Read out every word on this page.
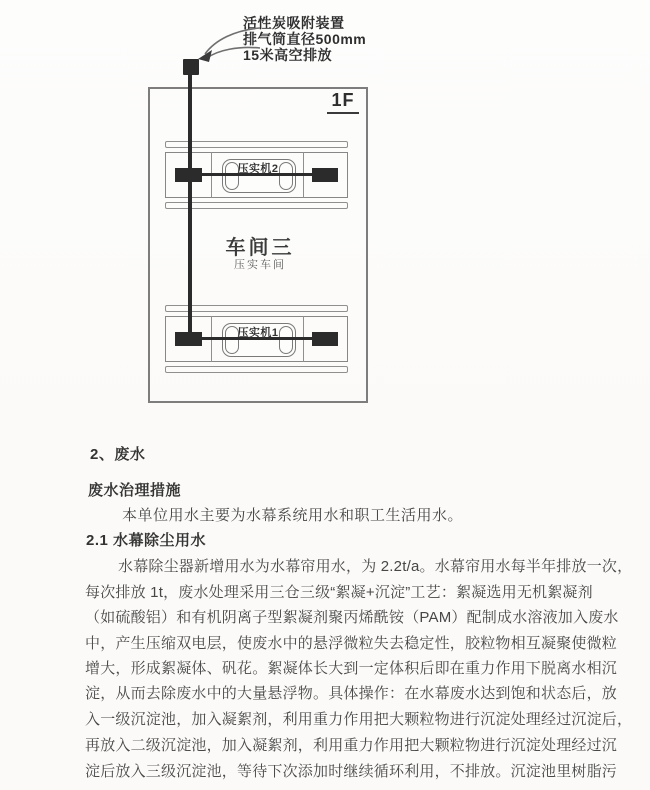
活性炭吸附装置
排气筒直径500mm
15米高空排放
1F
压实机2
车间三
压实车间
压实机1
2、废水
废水治理措施
本单位用水主要为水幕系统用水和职工生活用水。
2.1 水幕除尘用水
水幕除尘器新增用水为水幕帘用水，为 2.2t/a。水幕帘用水每半年排放一次，
每次排放 1t，废水处理采用三仓三级“絮凝+沉淀”工艺：絮凝选用无机絮凝剂
（如硫酸铝）和有机阴离子型絮凝剂聚丙烯酰铵（PAM）配制成水溶液加入废水
中，产生压缩双电层，使废水中的悬浮微粒失去稳定性，胶粒物相互凝聚使微粒
增大，形成絮凝体、矾花。絮凝体长大到一定体积后即在重力作用下脱离水相沉
淀，从而去除废水中的大量悬浮物。具体操作：在水幕废水达到饱和状态后，放
入一级沉淀池，加入凝絮剂，利用重力作用把大颗粒物进行沉淀处理经过沉淀后，
再放入二级沉淀池，加入凝絮剂，利用重力作用把大颗粒物进行沉淀处理经过沉
淀后放入三级沉淀池，等待下次添加时继续循环利用，不排放。沉淀池里树脂污
